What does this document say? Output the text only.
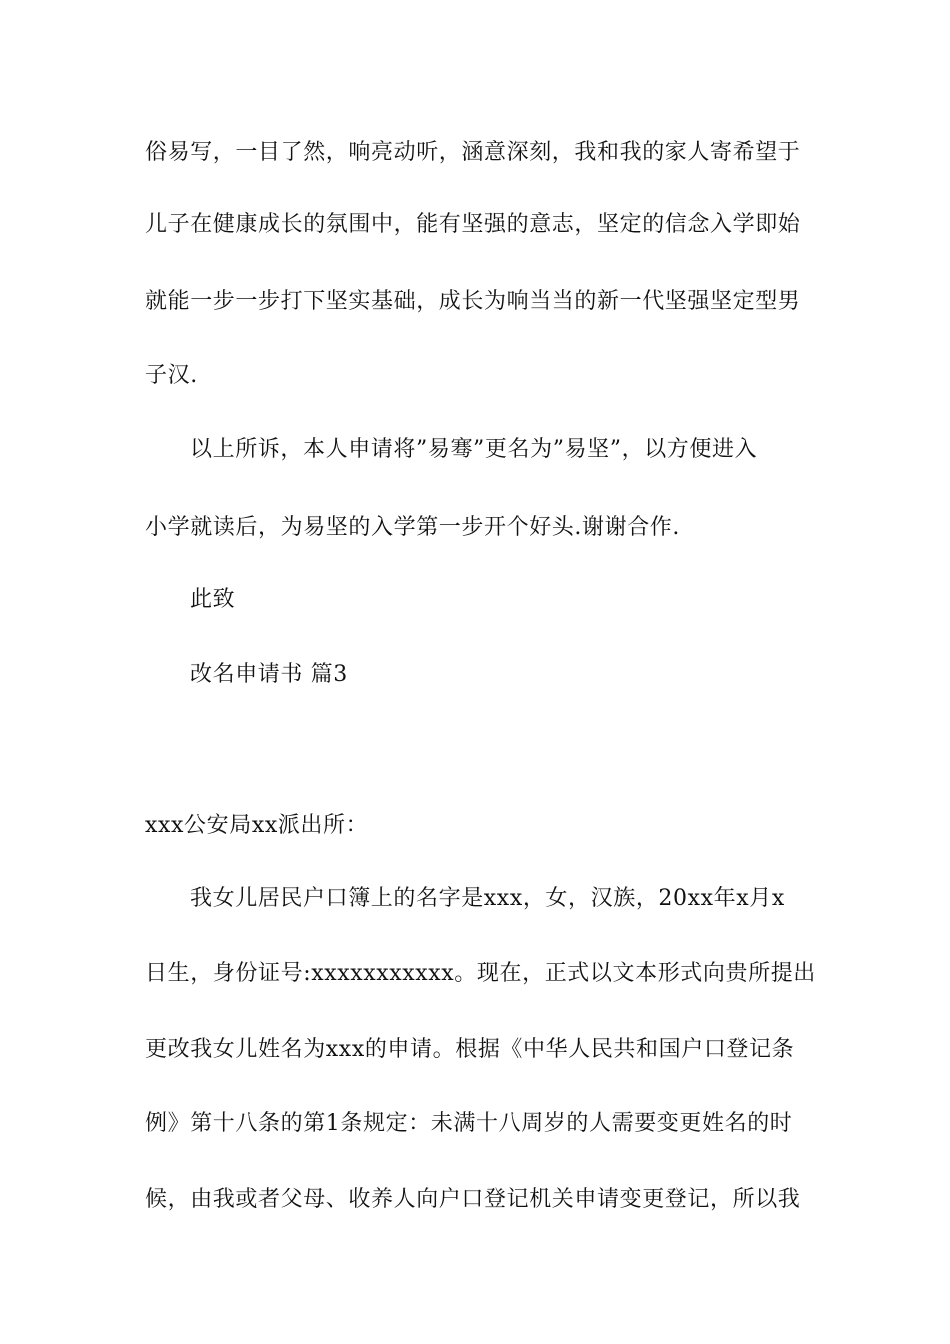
俗易写，一目了然，响亮动听，涵意深刻，我和我的家人寄希望于
儿子在健康成长的氛围中，能有坚强的意志，坚定的信念入学即始
就能一步一步打下坚实基础，成长为响当当的新一代坚强坚定型男
子汉.
以上所诉，本人申请将”易骞”更名为”易坚”，以方便进入
小学就读后，为易坚的入学第一步开个好头.谢谢合作.
此致
改名申请书 篇3
xxx公安局xx派出所：
我女儿居民户口簿上的名字是xxx，女，汉族，20xx年x月x
日生，身份证号:xxxxxxxxxxx。现在，正式以文本形式向贵所提出
更改我女儿姓名为xxx的申请。根据《中华人民共和国户口登记条
例》第十八条的第1条规定：未满十八周岁的人需要变更姓名的时
候，由我或者父母、收养人向户口登记机关申请变更登记，所以我
